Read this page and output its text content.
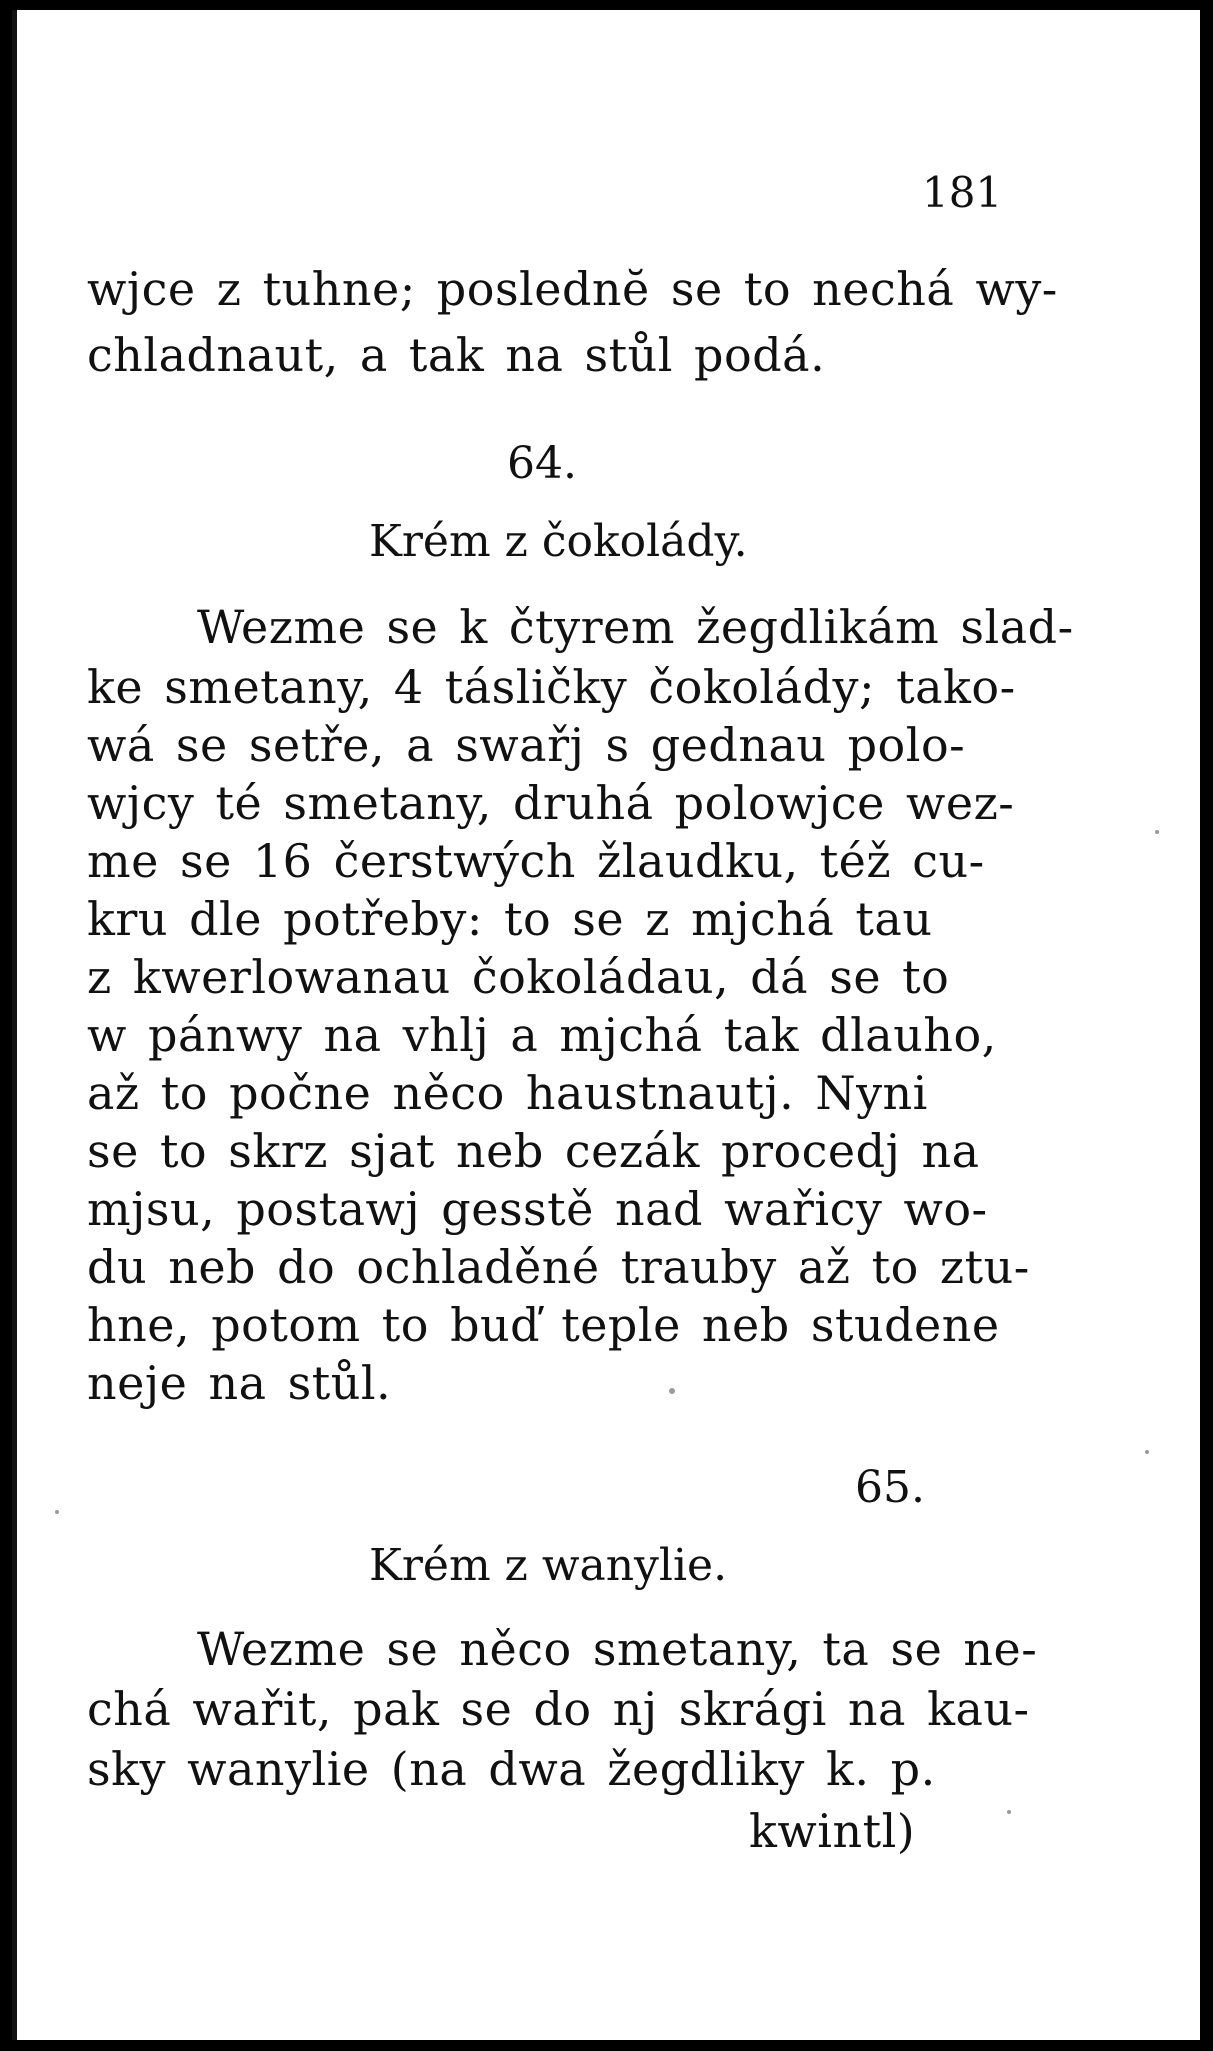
181
wjce z tuhne; poslednĕ se to nechá wy-
chladnaut, a tak na stůl podá.
64.
Krém z čokolády.
Wezme se k čtyrem žegdlikám slad-
ke smetany, 4 tásličky čokolády; tako-
wá se setře, a swařj s gednau polo-
wjcy té smetany, druhá polowjce wez-
me se 16 čerstwých žlaudku, též cu-
kru dle potřeby: to se z mjchá tau
z kwerlowanau čokoládau, dá se to
w pánwy na vhlj a mjchá tak dlauho,
až to počne něco haustnautj. Nyni
se to skrz sjat neb cezák procedj na
mjsu, postawj gesstě nad wařicy wo-
du neb do ochladěné trauby až to ztu-
hne, potom to buď teple neb studene
neje na stůl.
65.
Krém z wanylie.
Wezme se něco smetany, ta se ne-
chá wařit, pak se do nj skrági na kau-
sky wanylie (na dwa žegdliky k. p.
kwintl)
